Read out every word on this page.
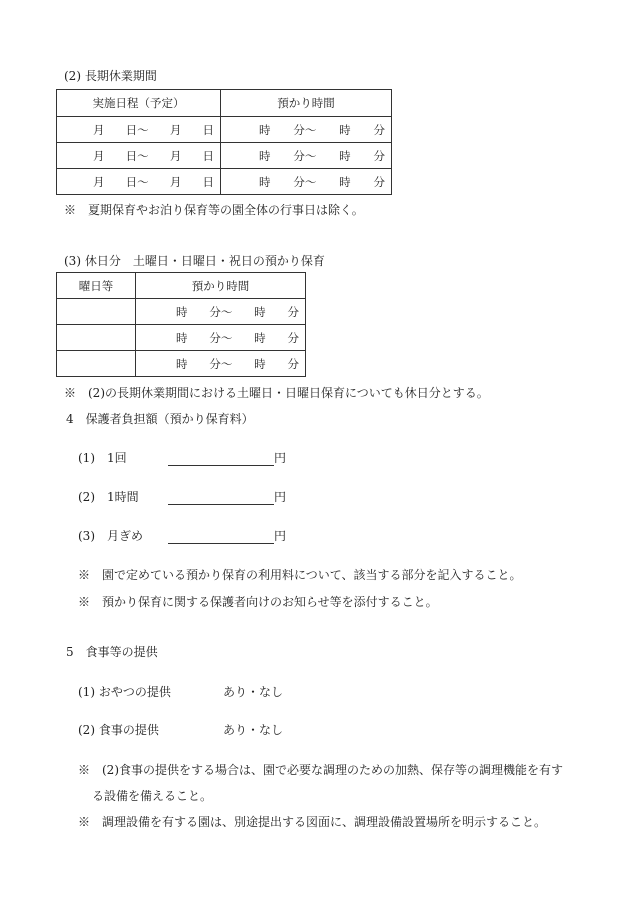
(2) 長期休業期間
実施日程（予定）	預かり時間

月 日～ 月 日	時 分～ 時 分

月 日～ 月 日	時 分～ 時 分

月 日～ 月 日	時 分～ 時 分
※　夏期保育やお泊り保育等の園全体の行事日は除く。
(3) 休日分　土曜日・日曜日・祝日の預かり保育
曜日等	預かり時間

	時 分～ 時 分

	時 分～ 時 分

	時 分～ 時 分
※　(2)の長期休業期間における土曜日・日曜日保育についても休日分とする。
4　保護者負担額（預かり保育料）
(1)　1回	円
(2)　1時間	円
(3)　月ぎめ	円
※　園で定めている預かり保育の利用料について、該当する部分を記入すること。
※　預かり保育に関する保護者向けのお知らせ等を添付すること。
5　食事等の提供
(1) おやつの提供	あり・なし
(2) 食事の提供	あり・なし
※　(2)食事の提供をする場合は、園で必要な調理のための加熱、保存等の調理機能を有す
る設備を備えること。
※　調理設備を有する園は、別途提出する図面に、調理設備設置場所を明示すること。
